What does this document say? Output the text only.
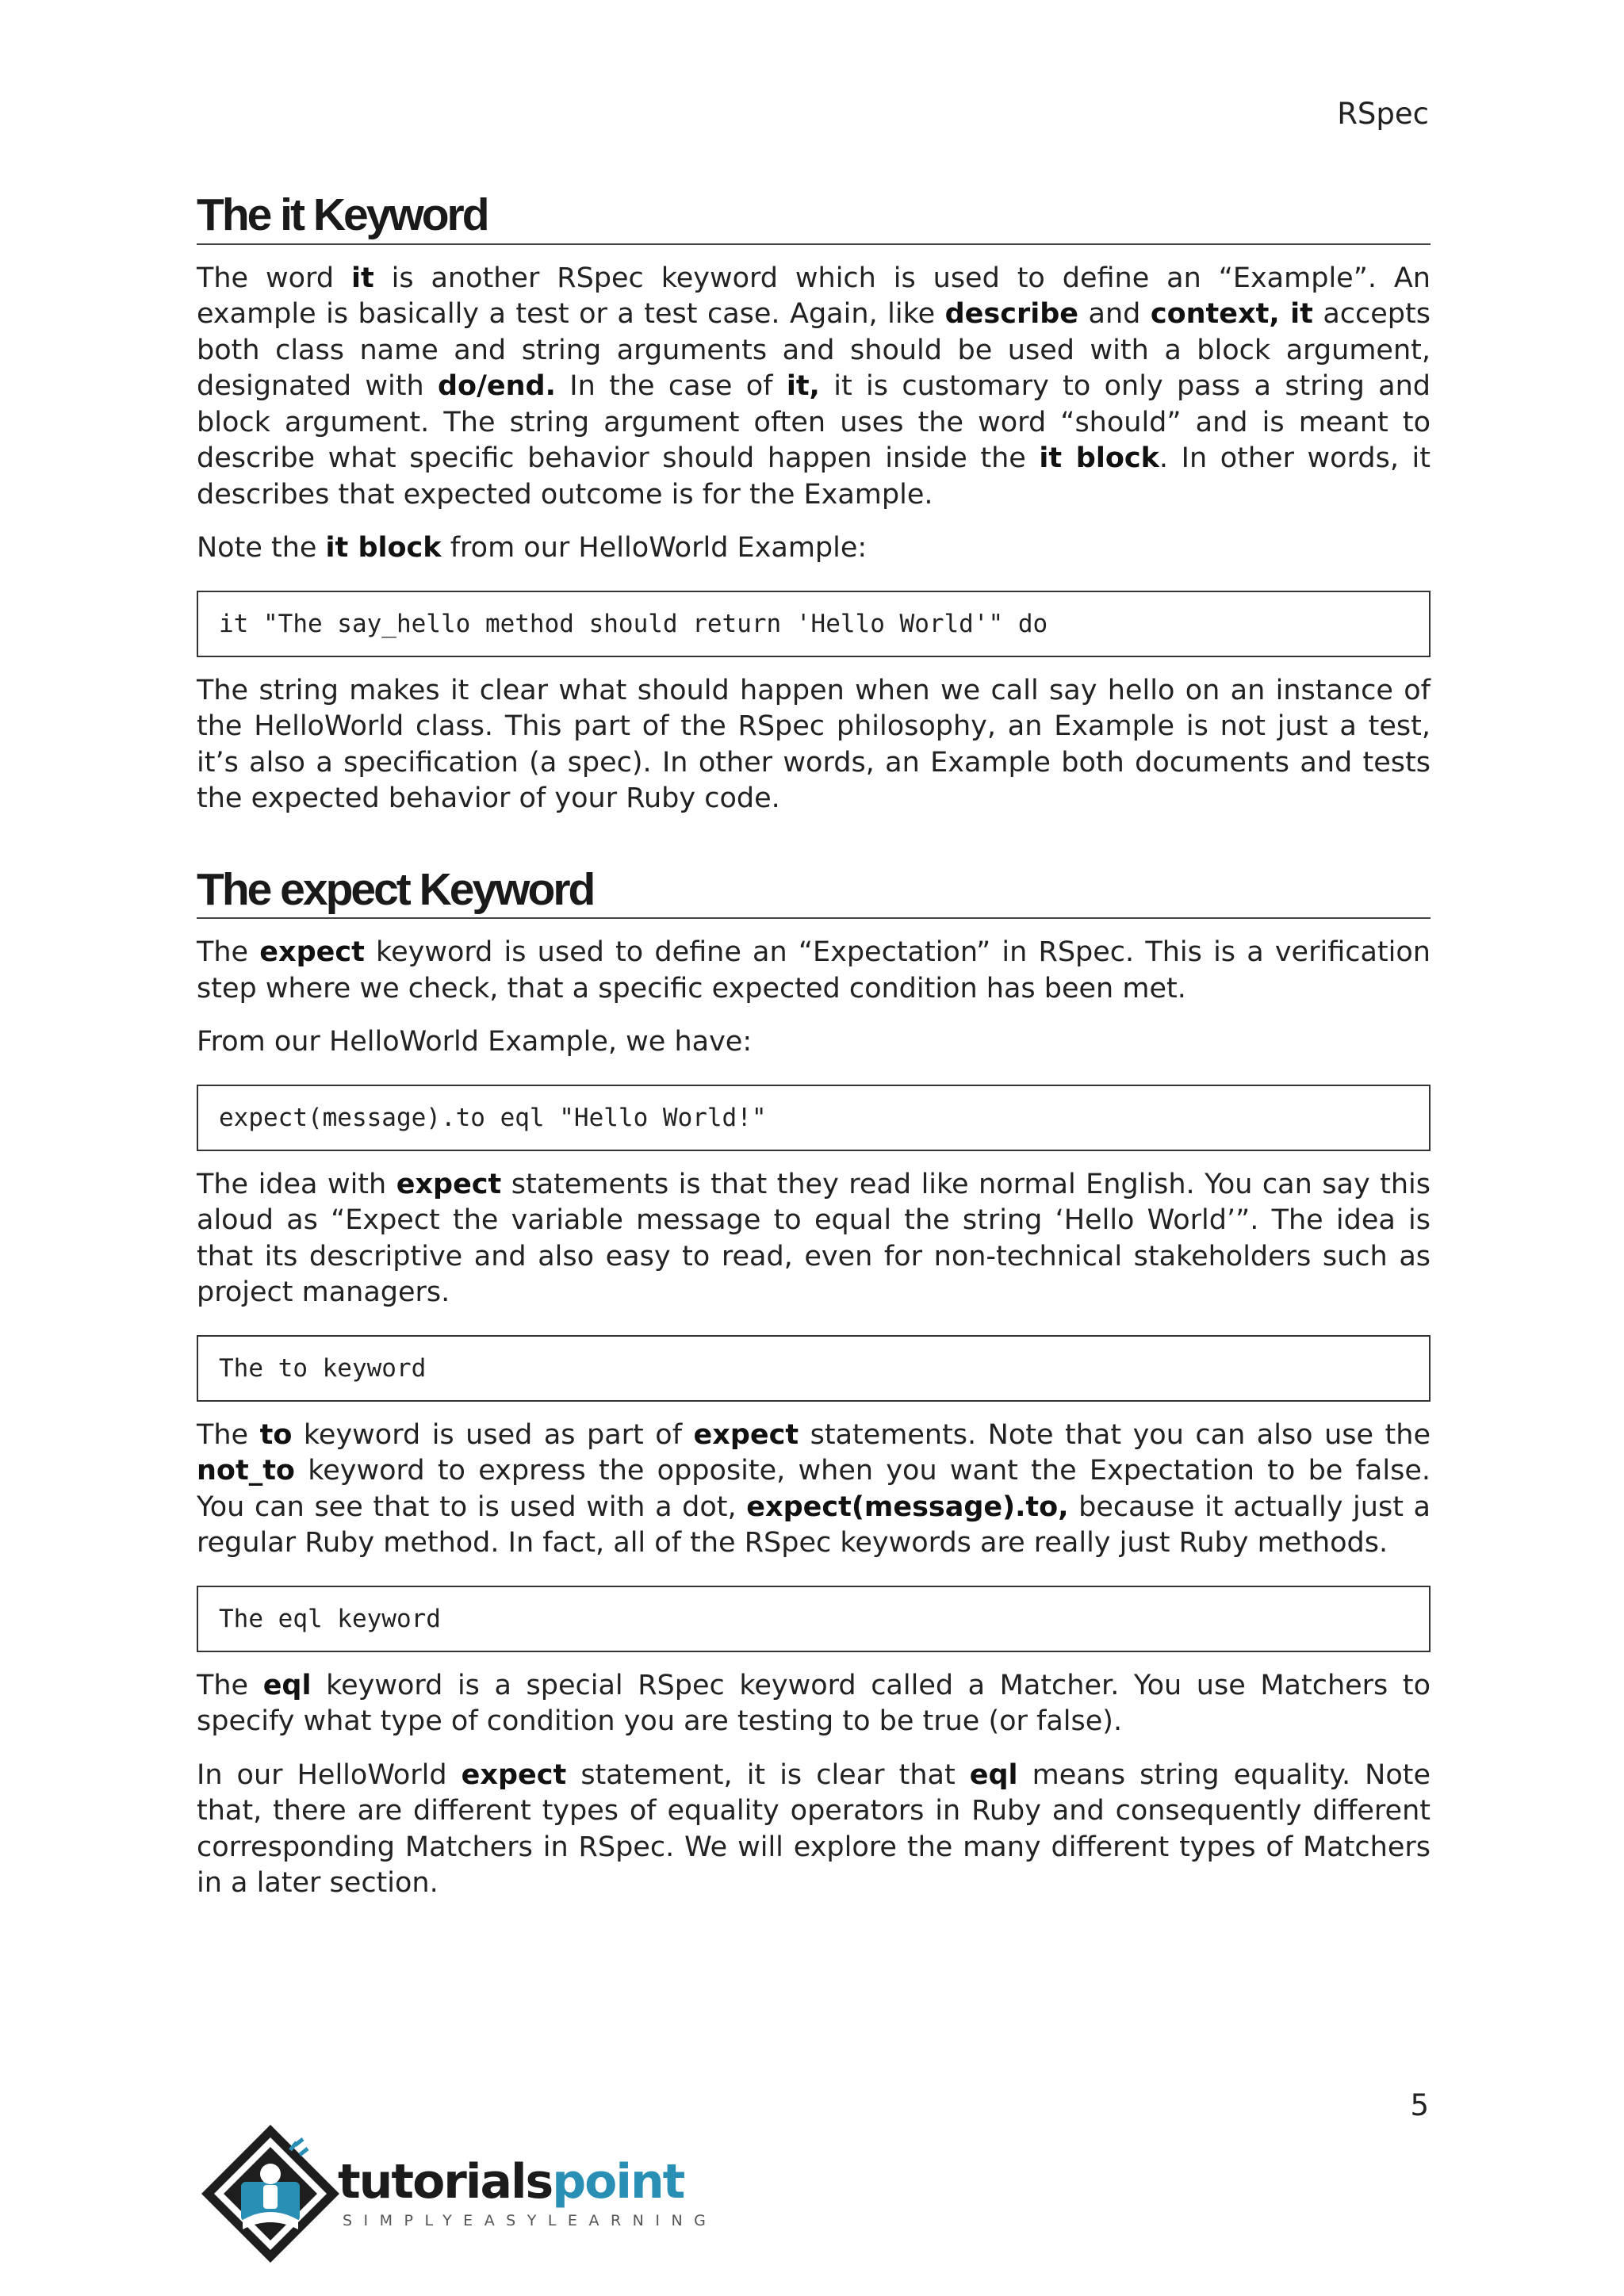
RSpec
The it Keyword

The word it is another RSpec keyword which is used to define an “Example”. An example is basically a test or a test case. Again, like describe and context, it accepts both class name and string arguments and should be used with a block argument, designated with do/end. In the case of it, it is customary to only pass a string and block argument. The string argument often uses the word “should” and is meant to describe what specific behavior should happen inside the it block. In other words, it describes that expected outcome is for the Example.

Note the it block from our HelloWorld Example:

it "The say_hello method should return 'Hello World'" do

The string makes it clear what should happen when we call say hello on an instance of the HelloWorld class. This part of the RSpec philosophy, an Example is not just a test, it’s also a specification (a spec). In other words, an Example both documents and tests the expected behavior of your Ruby code.

The expect Keyword

The expect keyword is used to define an “Expectation” in RSpec. This is a verification step where we check, that a specific expected condition has been met.

From our HelloWorld Example, we have:

expect(message).to eql "Hello World!"

The idea with expect statements is that they read like normal English. You can say this aloud as “Expect the variable message to equal the string ‘Hello World’”. The idea is that its descriptive and also easy to read, even for non-technical stakeholders such as project managers.

The to keyword

The to keyword is used as part of expect statements. Note that you can also use the not_to keyword to express the opposite, when you want the Expectation to be false. You can see that to is used with a dot, expect(message).to, because it actually just a regular Ruby method. In fact, all of the RSpec keywords are really just Ruby methods.

The eql keyword

The eql keyword is a special RSpec keyword called a Matcher. You use Matchers to specify what type of condition you are testing to be true (or false).

In our HelloWorld expect statement, it is clear that eql means string equality. Note that, there are different types of equality operators in Ruby and consequently different corresponding Matchers in RSpec. We will explore the many different types of Matchers in a later section.

5
tutorialspoint
SIMPLYEASYLEARNING
